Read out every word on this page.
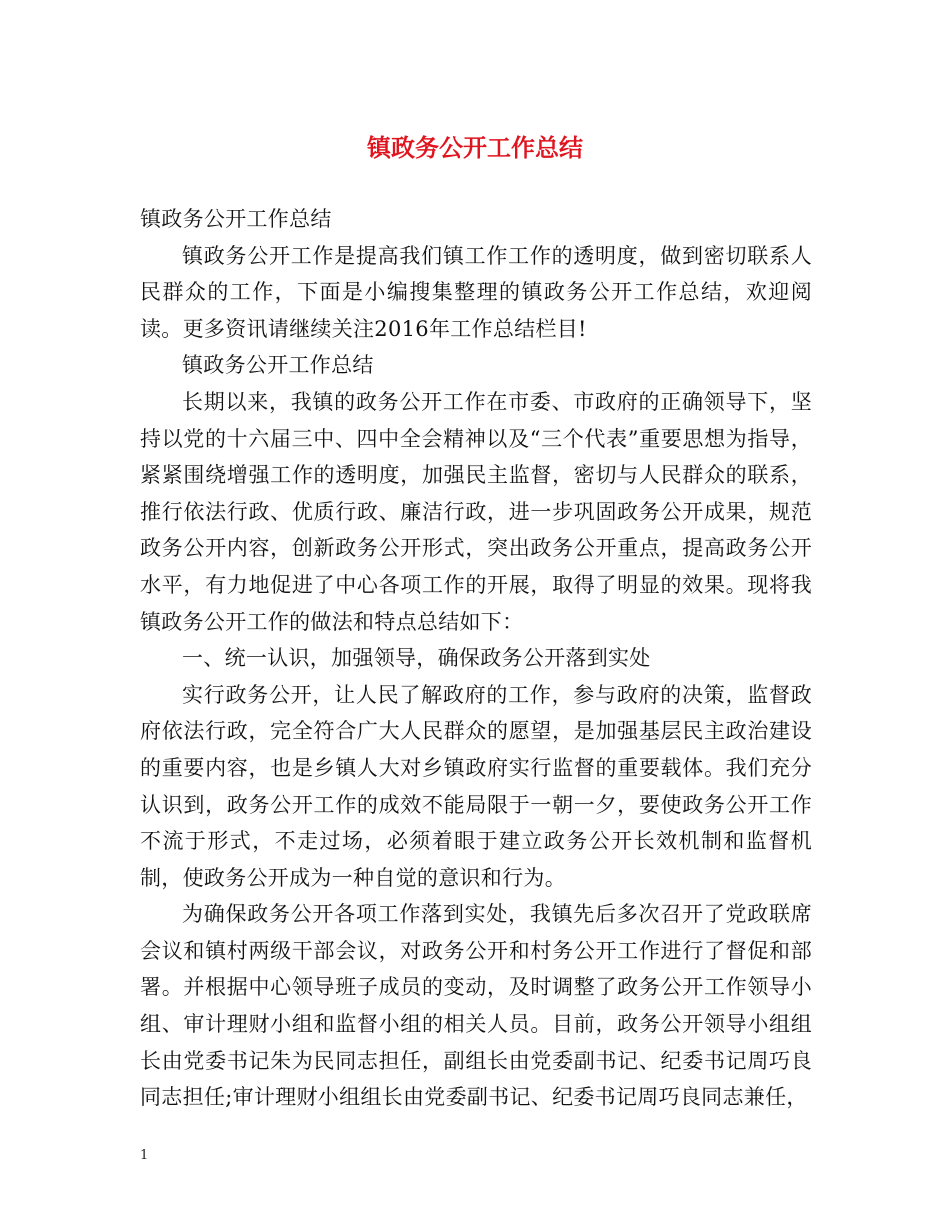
镇政务公开工作总结

镇政务公开工作总结

镇政务公开工作是提高我们镇工作工作的透明度，做到密切联系人民群众的工作，下面是小编搜集整理的镇政务公开工作总结，欢迎阅读。更多资讯请继续关注2016年工作总结栏目!

镇政务公开工作总结

长期以来，我镇的政务公开工作在市委、市政府的正确领导下，坚持以党的十六届三中、四中全会精神以及“三个代表”重要思想为指导，紧紧围绕增强工作的透明度，加强民主监督，密切与人民群众的联系，推行依法行政、优质行政、廉洁行政，进一步巩固政务公开成果，规范政务公开内容，创新政务公开形式，突出政务公开重点，提高政务公开水平，有力地促进了中心各项工作的开展，取得了明显的效果。现将我镇政务公开工作的做法和特点总结如下：

一、统一认识，加强领导，确保政务公开落到实处

实行政务公开，让人民了解政府的工作，参与政府的决策，监督政府依法行政，完全符合广大人民群众的愿望，是加强基层民主政治建设的重要内容，也是乡镇人大对乡镇政府实行监督的重要载体。我们充分认识到，政务公开工作的成效不能局限于一朝一夕，要使政务公开工作不流于形式，不走过场，必须着眼于建立政务公开长效机制和监督机制，使政务公开成为一种自觉的意识和行为。

为确保政务公开各项工作落到实处，我镇先后多次召开了党政联席会议和镇村两级干部会议，对政务公开和村务公开工作进行了督促和部署。并根据中心领导班子成员的变动，及时调整了政务公开工作领导小组、审计理财小组和监督小组的相关人员。目前，政务公开领导小组组长由党委书记朱为民同志担任，副组长由党委副书记、纪委书记周巧良同志担任;审计理财小组组长由党委副书记、纪委书记周巧良同志兼任，

1
